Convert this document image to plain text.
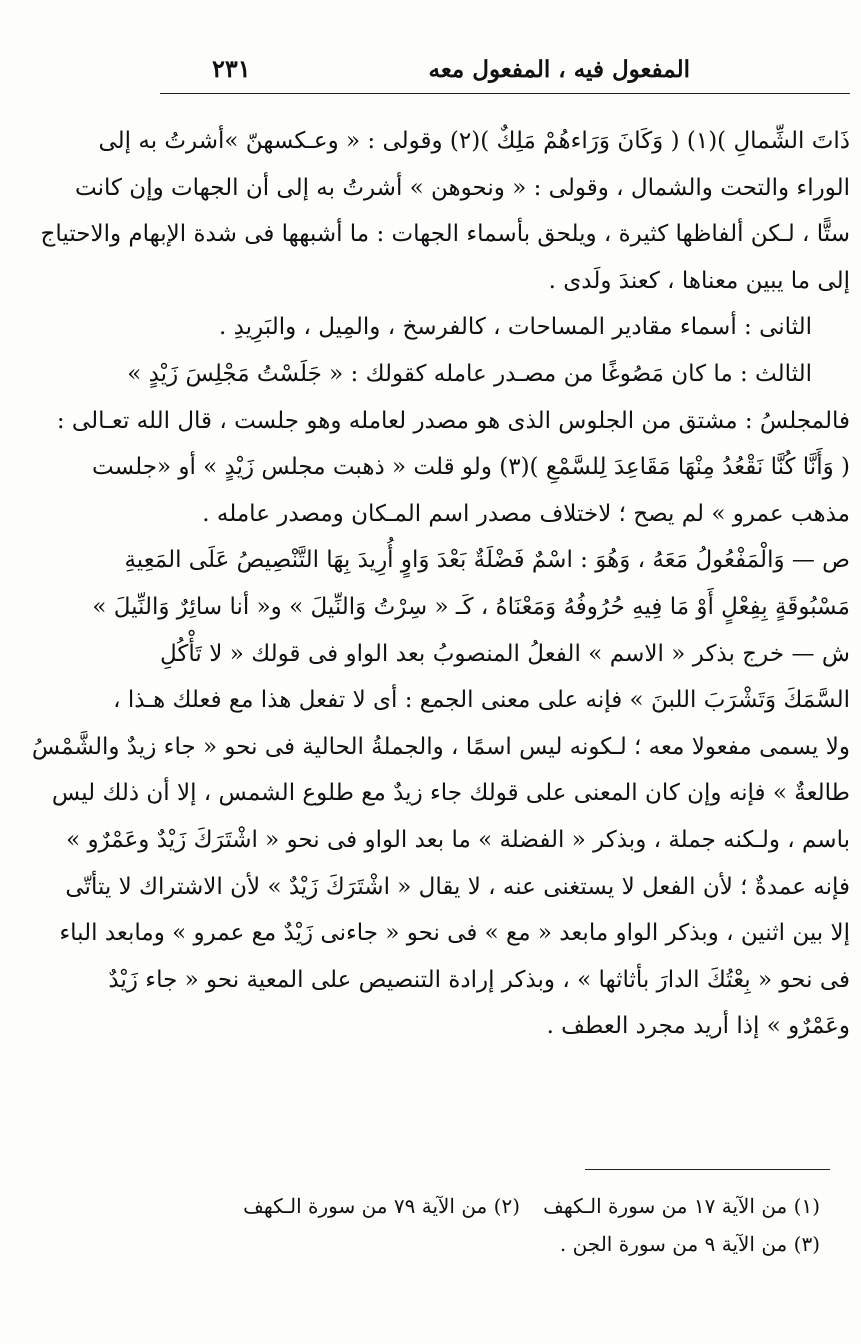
المفعول فيه ، المفعول معه
٢٣١
ذَاتَ الشِّمالِ )(١) ( وَكَانَ وَرَاءهُمْ مَلِكٌ )(٢) وقولى : « وعـكسهنّ »أشرتُ به إلى
الوراء والتحت والشمال ، وقولى : « ونحوهن » أشرتُ به إلى أن الجهات وإن كانت
ستًّا ، لـكن ألفاظها كثيرة ، ويلحق بأسماء الجهات : ما أشبهها فى شدة الإبهام والاحتياج
إلى ما يبين معناها ، كعندَ ولَدى .
الثانى : أسماء مقادير المساحات ، كالفرسخ ، والمِيل ، والبَرِيدِ .
الثالث : ما كان مَصُوغًا من مصـدر عامله كقولك : « جَلَسْتُ مَجْلِسَ زَيْدٍ »
فالمجلسُ : مشتق من الجلوس الذى هو مصدر لعامله وهو جلست ، قال الله تعـالى :
( وَأَنَّا كُنَّا نَقْعُدُ مِنْهَا مَقَاعِدَ لِلسَّمْعِ )(٣) ولو قلت « ذهبت مجلس زَيْدٍ » أو «جلست
مذهب عمرو » لم يصح ؛ لاختلاف مصدر اسم المـكان ومصدر عامله .
ص — وَالْمَفْعُولُ مَعَهُ ، وَهُوَ : اسْمٌ فَضْلَةٌ بَعْدَ وَاوٍ أُرِيدَ بِهَا التَّنْصِيصُ عَلَى المَعِيةِ
مَسْبُوقَةٍ بِفِعْلٍ أَوْ مَا فِيهِ حُرُوفُهُ وَمَعْنَاهُ ، كَـ « سِرْتُ وَالنِّيلَ » و« أنا سائِرٌ وَالنِّيلَ »
ش — خرج بذكر « الاسم » الفعلُ المنصوبُ بعد الواو فى قولك « لا تَأْكُلِ
السَّمَكَ وَتَشْرَبَ اللبنَ » فإنه على معنى الجمع : أى لا تفعل هذا مع فعلك هـذا ،
ولا يسمى مفعولا معه ؛ لـكونه ليس اسمًا ، والجملةُ الحالية فى نحو « جاء زيدٌ والشَّمْسُ
طالعةٌ » فإنه وإن كان المعنى على قولك جاء زيدٌ مع طلوع الشمس ، إلا أن ذلك ليس
باسم ، ولـكنه جملة ، وبذكر « الفضلة » ما بعد الواو فى نحو « اشْتَرَكَ زَيْدٌ وعَمْرٌو »
فإنه عمدةٌ ؛ لأن الفعل لا يستغنى عنه ، لا يقال « اشْتَرَكَ زَيْدٌ » لأن الاشتراك لا يتأتّى
إلا بين اثنين ، وبذكر الواو مابعد « مع » فى نحو « جاءنى زَيْدٌ مع عمرو » ومابعد الباء
فى نحو « بِعْتُكَ الدارَ بأثاثها » ، وبذكر إرادة التنصيص على المعية نحو « جاء زَيْدٌ
وعَمْرٌو » إذا أريد مجرد العطف .
(١) من الآية ١٧ من سورة الـكهف
(٢) من الآية ٧٩ من سورة الـكهف
(٣) من الآية ٩ من سورة الجن .
